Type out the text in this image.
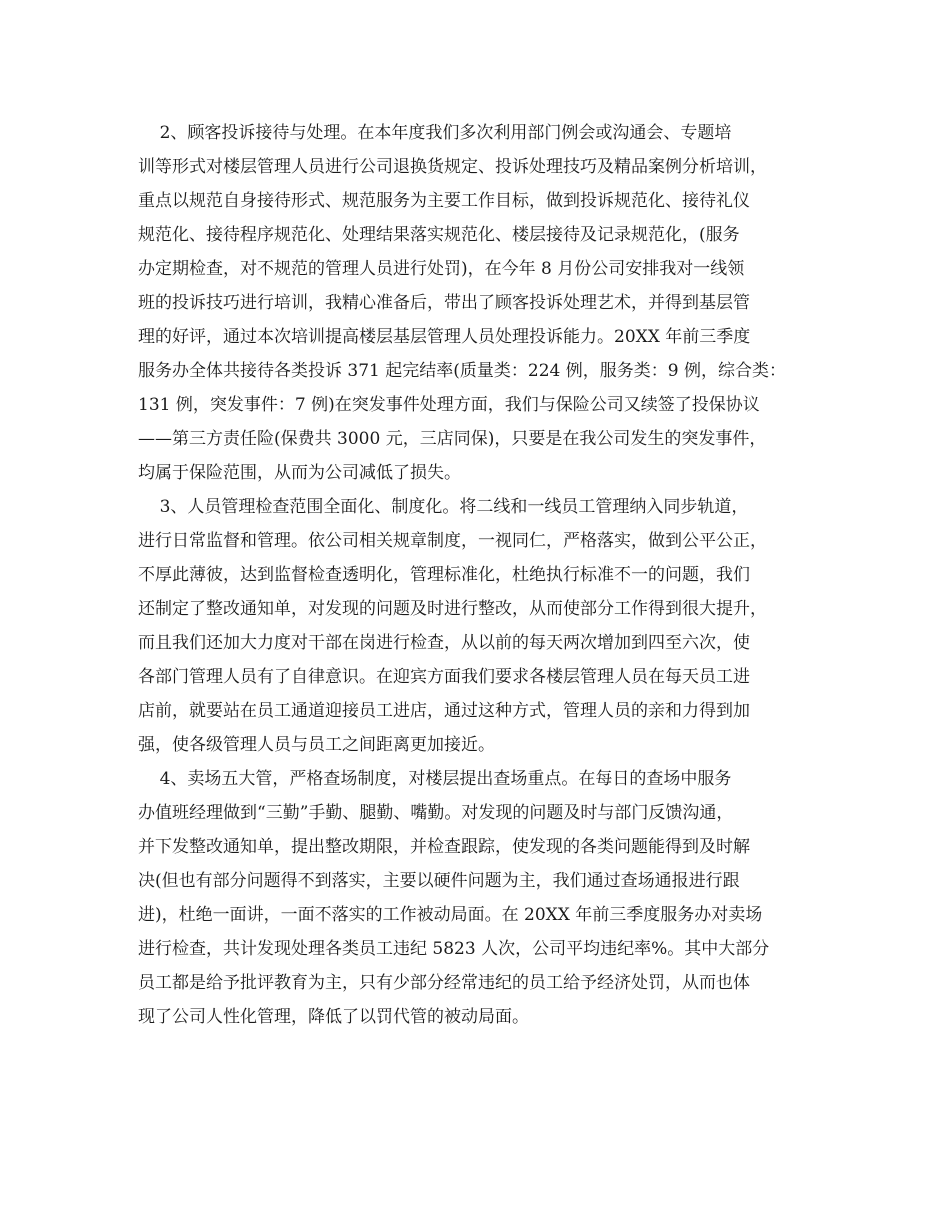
2、顾客投诉接待与处理。在本年度我们多次利用部门例会或沟通会、专题培
训等形式对楼层管理人员进行公司退换货规定、投诉处理技巧及精品案例分析培训，
重点以规范自身接待形式、规范服务为主要工作目标，做到投诉规范化、接待礼仪
规范化、接待程序规范化、处理结果落实规范化、楼层接待及记录规范化，(服务
办定期检查，对不规范的管理人员进行处罚)，在今年 8 月份公司安排我对一线领
班的投诉技巧进行培训，我精心准备后，带出了顾客投诉处理艺术，并得到基层管
理的好评，通过本次培训提高楼层基层管理人员处理投诉能力。20XX 年前三季度
服务办全体共接待各类投诉 371 起完结率(质量类：224 例，服务类：9 例，综合类：
131 例，突发事件：7 例)在突发事件处理方面，我们与保险公司又续签了投保协议
——第三方责任险(保费共 3000 元，三店同保)，只要是在我公司发生的突发事件，
均属于保险范围，从而为公司减低了损失。
3、人员管理检查范围全面化、制度化。将二线和一线员工管理纳入同步轨道，
进行日常监督和管理。依公司相关规章制度，一视同仁，严格落实，做到公平公正，
不厚此薄彼，达到监督检查透明化，管理标准化，杜绝执行标准不一的问题，我们
还制定了整改通知单，对发现的问题及时进行整改，从而使部分工作得到很大提升，
而且我们还加大力度对干部在岗进行检查，从以前的每天两次增加到四至六次，使
各部门管理人员有了自律意识。在迎宾方面我们要求各楼层管理人员在每天员工进
店前，就要站在员工通道迎接员工进店，通过这种方式，管理人员的亲和力得到加
强，使各级管理人员与员工之间距离更加接近。
4、卖场五大管，严格查场制度，对楼层提出查场重点。在每日的查场中服务
办值班经理做到“三勤”手勤、腿勤、嘴勤。对发现的问题及时与部门反馈沟通，
并下发整改通知单，提出整改期限，并检查跟踪，使发现的各类问题能得到及时解
决(但也有部分问题得不到落实，主要以硬件问题为主，我们通过查场通报进行跟
进)，杜绝一面讲，一面不落实的工作被动局面。在 20XX 年前三季度服务办对卖场
进行检查，共计发现处理各类员工违纪 5823 人次，公司平均违纪率%。其中大部分
员工都是给予批评教育为主，只有少部分经常违纪的员工给予经济处罚，从而也体
现了公司人性化管理，降低了以罚代管的被动局面。
